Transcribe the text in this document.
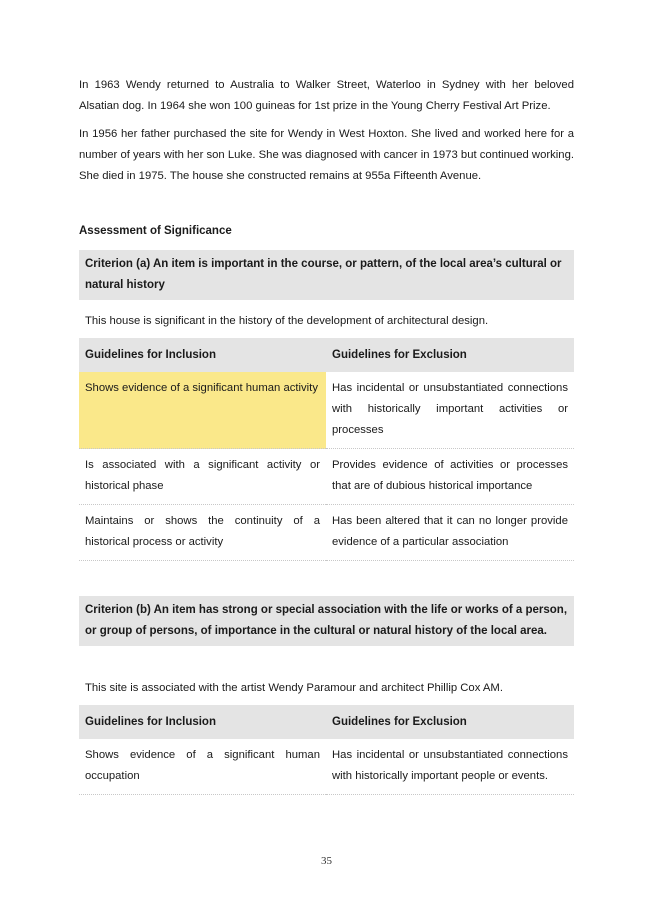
In 1963 Wendy returned to Australia to Walker Street, Waterloo in Sydney with her beloved Alsatian dog. In 1964 she won 100 guineas for 1st prize in the Young Cherry Festival Art Prize.

In 1956 her father purchased the site for Wendy in West Hoxton. She lived and worked here for a number of years with her son Luke. She was diagnosed with cancer in 1973 but continued working. She died in 1975. The house she constructed remains at 955a Fifteenth Avenue.

Assessment of Significance
Criterion (a) An item is important in the course, or pattern, of the local area’s cultural or natural history
This house is significant in the history of the development of architectural design.
Guidelines for Inclusion	Guidelines for Exclusion
Shows evidence of a significant human activity	Has incidental or unsubstantiated connections with historically important activities or processes
Is associated with a significant activity or historical phase	Provides evidence of activities or processes that are of dubious historical importance
Maintains or shows the continuity of a historical process or activity	Has been altered that it can no longer provide evidence of a particular association
Criterion (b) An item has strong or special association with the life or works of a person, or group of persons, of importance in the cultural or natural history of the local area.
This site is associated with the artist Wendy Paramour and architect Phillip Cox AM.
Guidelines for Inclusion	Guidelines for Exclusion
Shows evidence of a significant human occupation	Has incidental or unsubstantiated connections with historically important people or events.
35
